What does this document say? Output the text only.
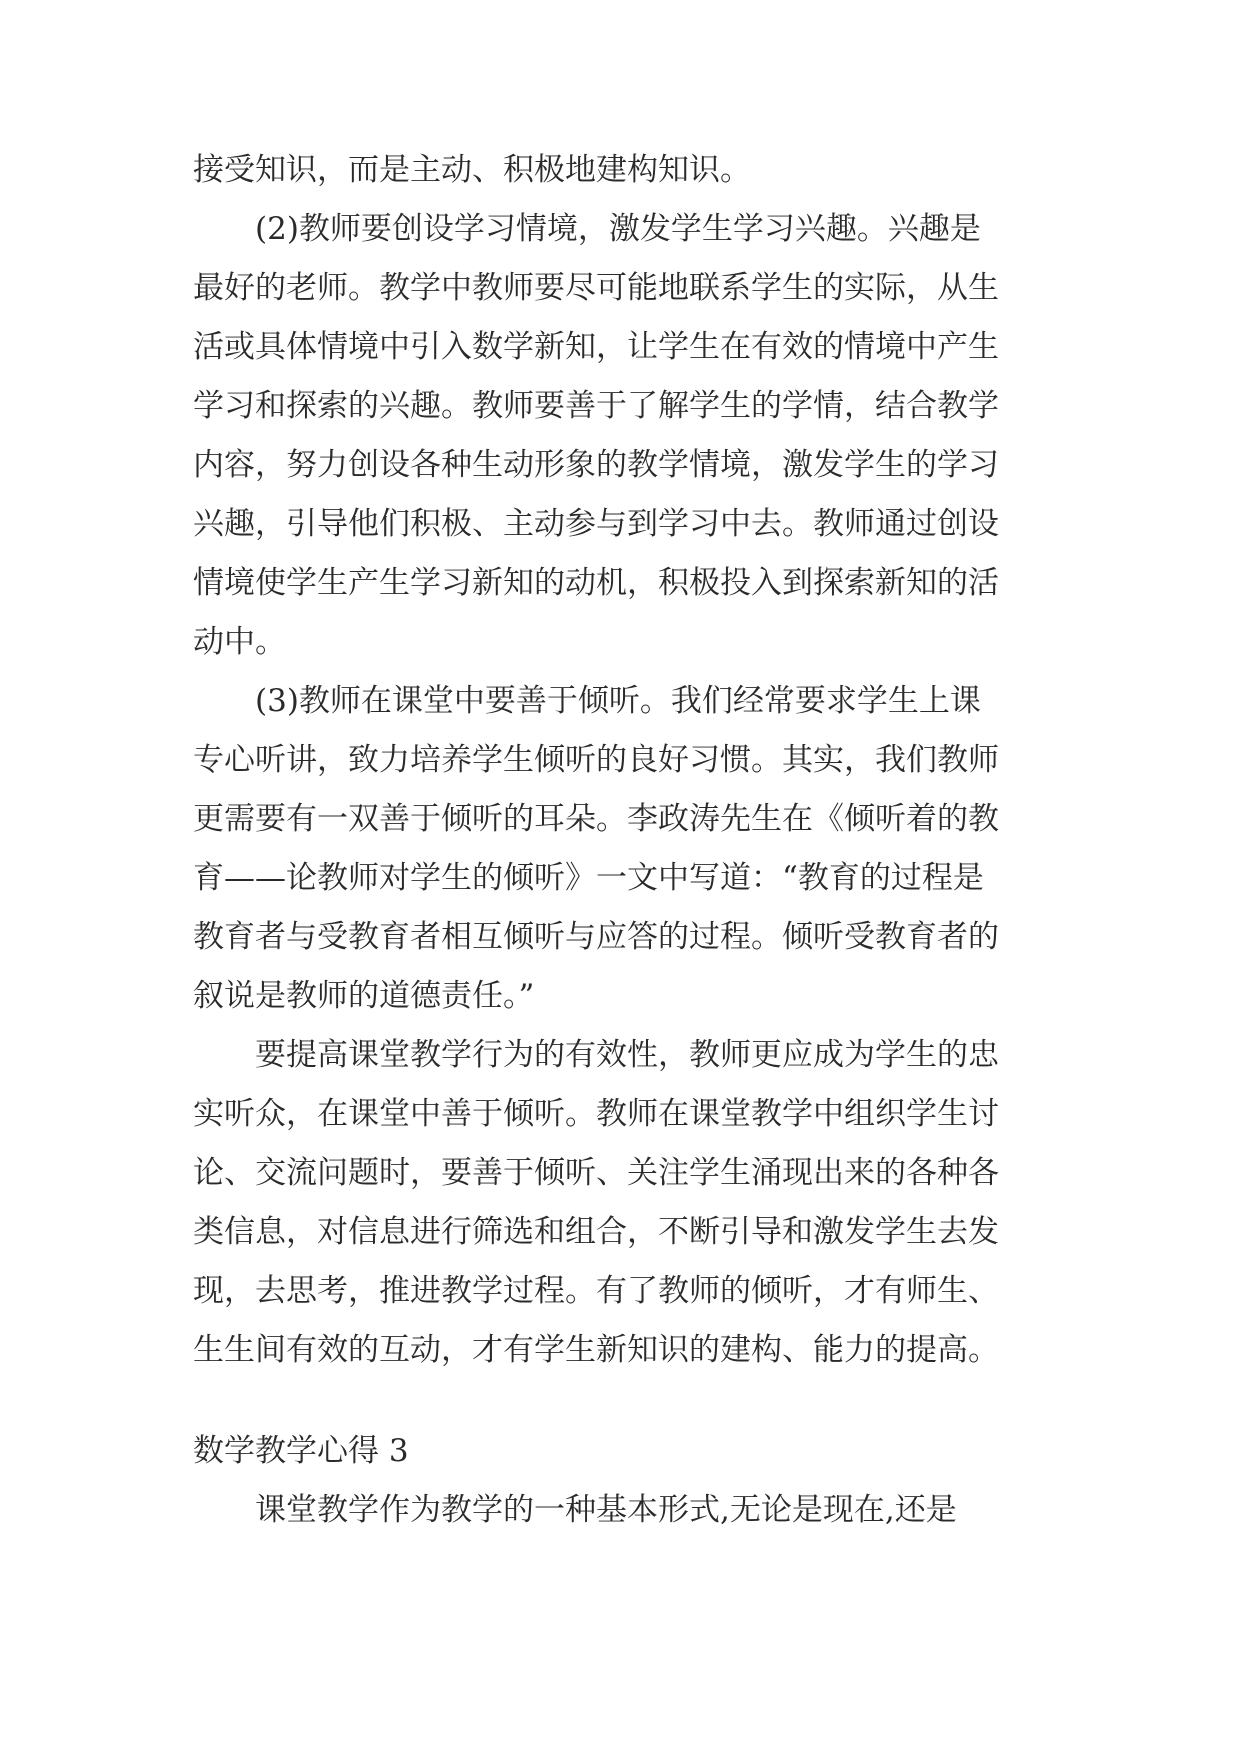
接受知识，而是主动、积极地建构知识。
(2)教师要创设学习情境，激发学生学习兴趣。兴趣是
最好的老师。教学中教师要尽可能地联系学生的实际，从生
活或具体情境中引入数学新知，让学生在有效的情境中产生
学习和探索的兴趣。教师要善于了解学生的学情，结合教学
内容，努力创设各种生动形象的教学情境，激发学生的学习
兴趣，引导他们积极、主动参与到学习中去。教师通过创设
情境使学生产生学习新知的动机，积极投入到探索新知的活
动中。
(3)教师在课堂中要善于倾听。我们经常要求学生上课
专心听讲，致力培养学生倾听的良好习惯。其实，我们教师
更需要有一双善于倾听的耳朵。李政涛先生在《倾听着的教
育——论教师对学生的倾听》一文中写道：“教育的过程是
教育者与受教育者相互倾听与应答的过程。倾听受教育者的
叙说是教师的道德责任。”
要提高课堂教学行为的有效性，教师更应成为学生的忠
实听众，在课堂中善于倾听。教师在课堂教学中组织学生讨
论、交流问题时，要善于倾听、关注学生涌现出来的各种各
类信息，对信息进行筛选和组合，不断引导和激发学生去发
现，去思考，推进教学过程。有了教师的倾听，才有师生、
生生间有效的互动，才有学生新知识的建构、能力的提高。
数学教学心得 3
课堂教学作为教学的一种基本形式,无论是现在,还是
